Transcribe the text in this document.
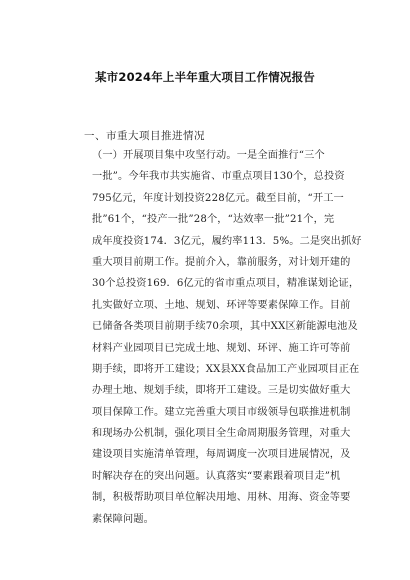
某市2024年上半年重大项目工作情况报告
一、市重大项目推进情况
（一）开展项目集中攻坚行动。一是全面推行“三个
一批”。今年我市共实施省、市重点项目130个，总投资
795亿元，年度计划投资228亿元。截至目前，“开工一
批”61个，“投产一批”28个，“达效率一批”21个，完
成年度投资174．3亿元，履约率113．5%。二是突出抓好
重大项目前期工作。提前介入，靠前服务，对计划开建的
30个总投资169．6亿元的省市重点项目，精准谋划论证，
扎实做好立项、土地、规划、环评等要素保障工作。目前
已储备各类项目前期手续70余项，其中XX区新能源电池及
材料产业园项目已完成土地、规划、环评、施工许可等前
期手续，即将开工建设；XX县XX食品加工产业园项目正在
办理土地、规划手续，即将开工建设。三是切实做好重大
项目保障工作。建立完善重大项目市级领导包联推进机制
和现场办公机制，强化项目全生命周期服务管理，对重大
建设项目实施清单管理，每周调度一次项目进展情况，及
时解决存在的突出问题。认真落实“要素跟着项目走”机
制，积极帮助项目单位解决用地、用林、用海、资金等要
素保障问题。
